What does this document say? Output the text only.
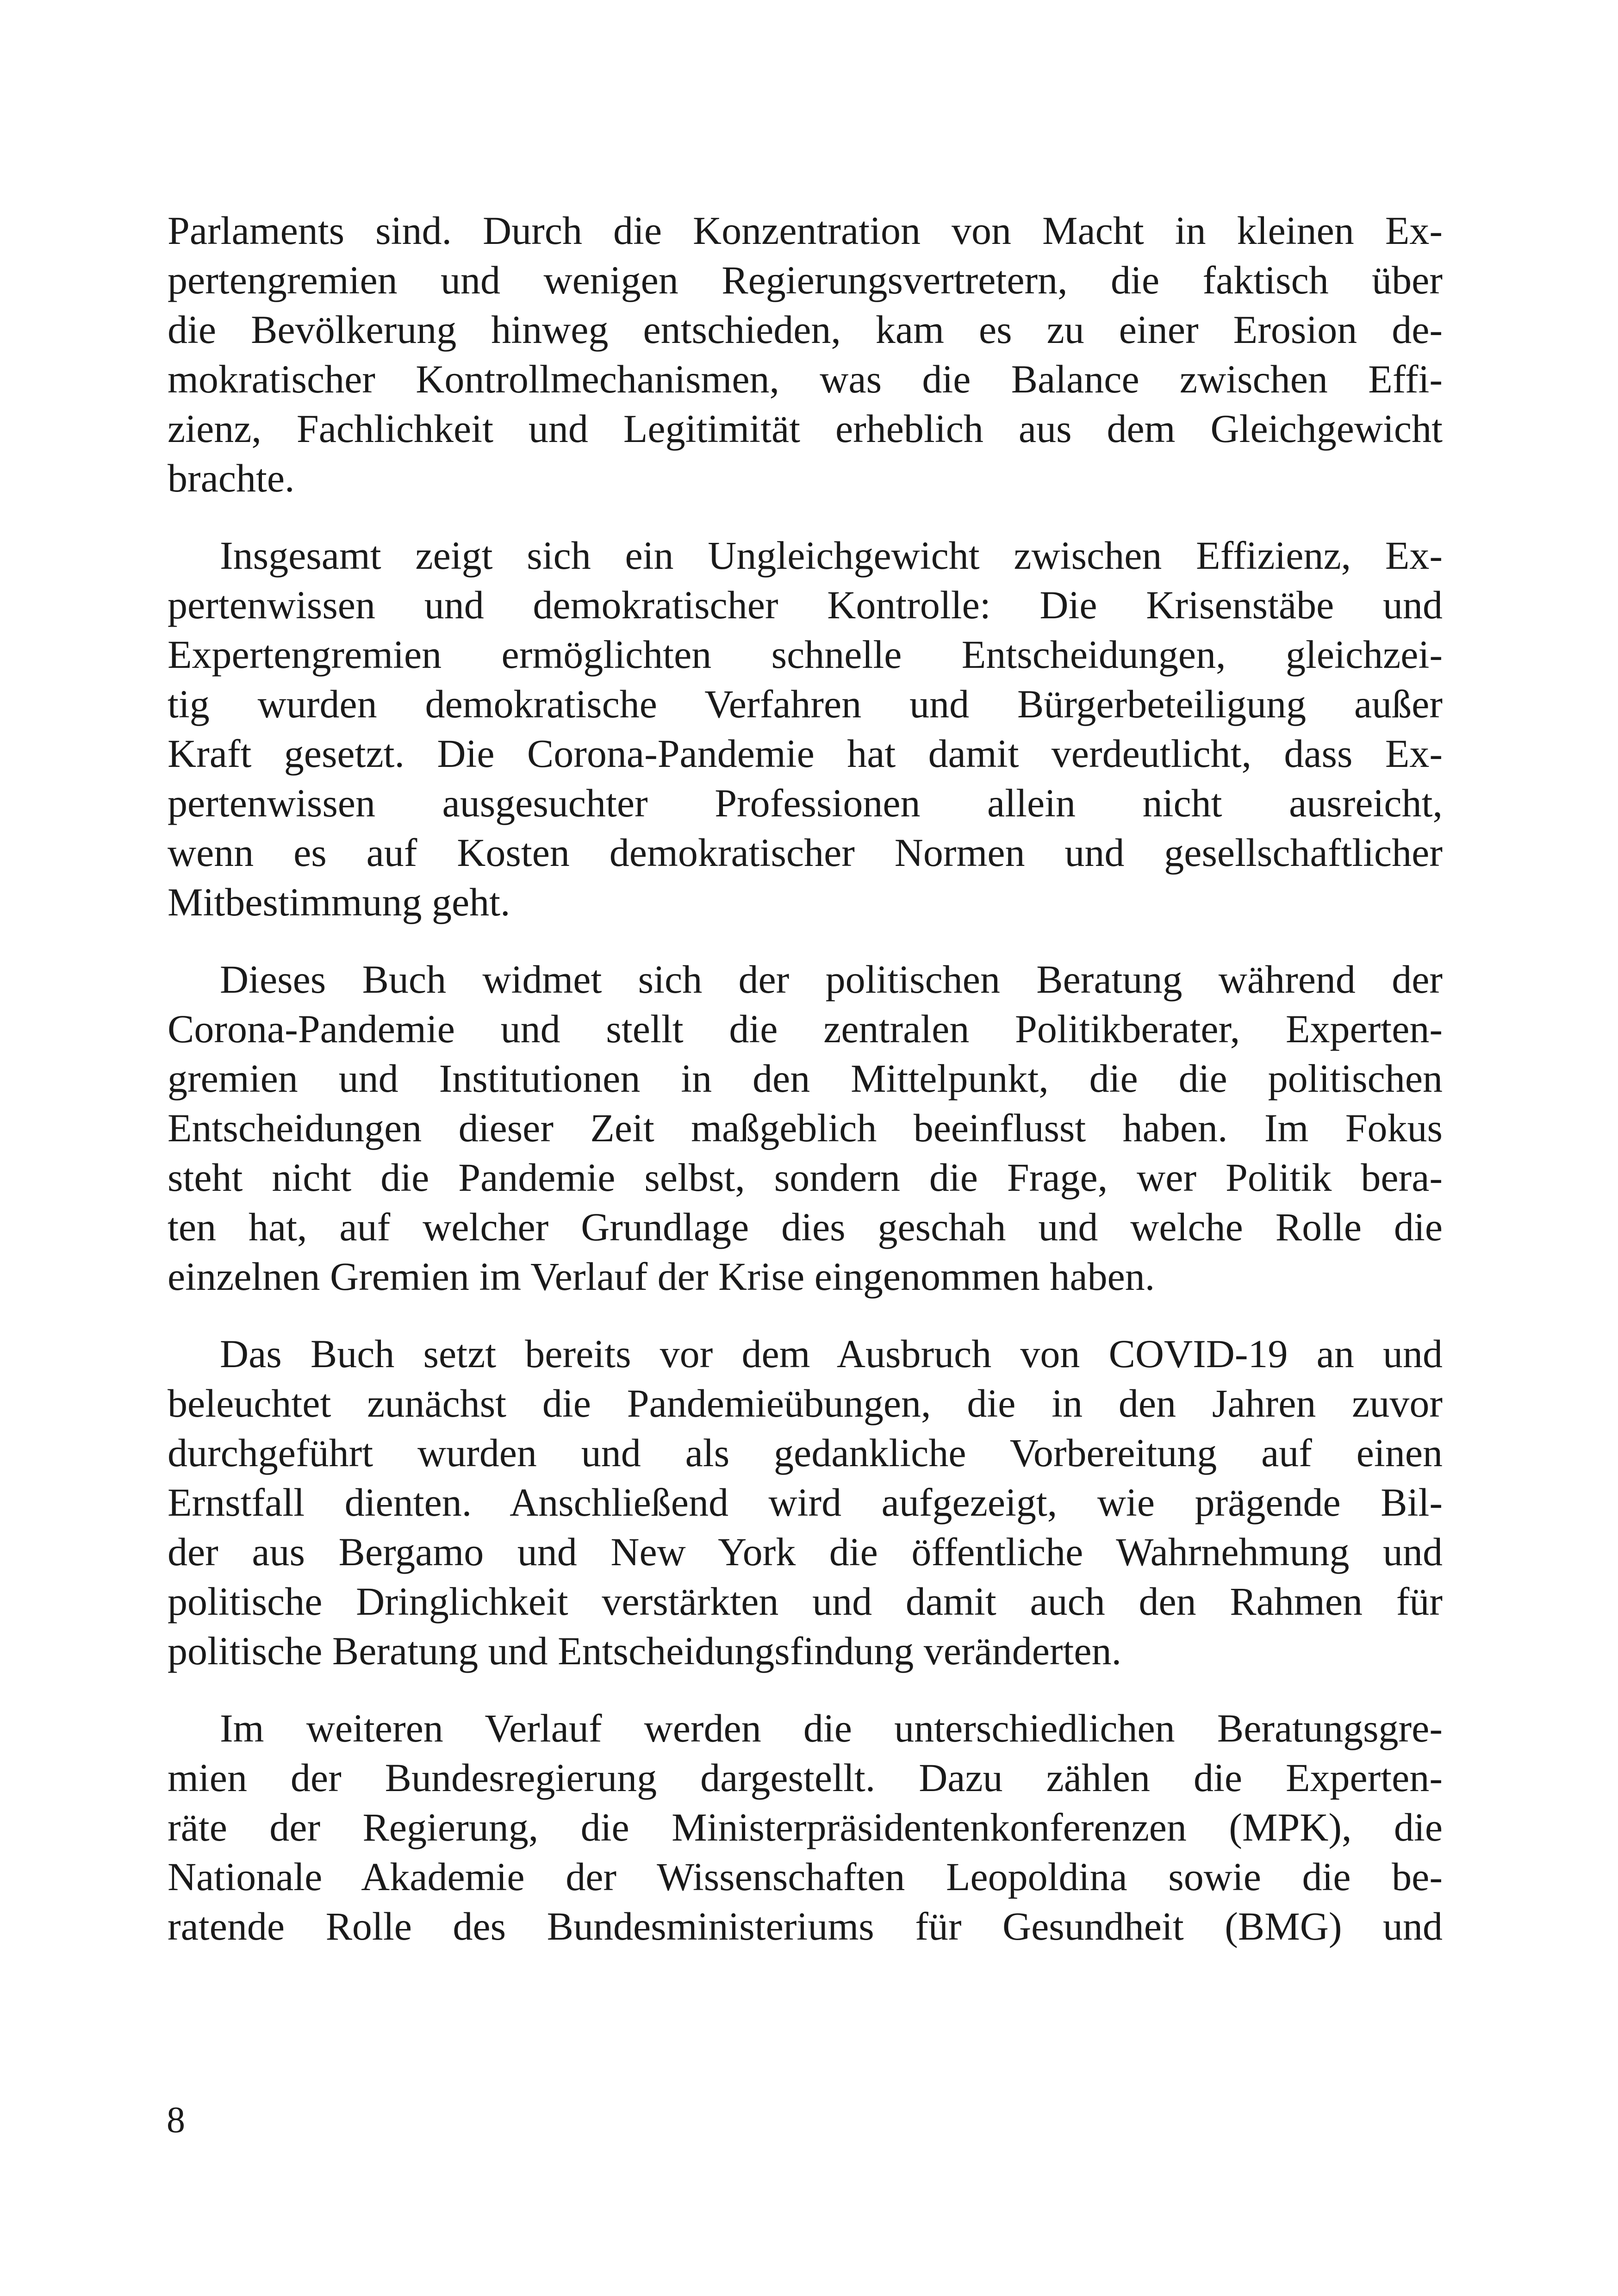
Parlaments sind. Durch die Konzentration von Macht in kleinen Ex-
pertengremien und wenigen Regierungsvertretern, die faktisch über
die Bevölkerung hinweg entschieden, kam es zu einer Erosion de-
mokratischer Kontrollmechanismen, was die Balance zwischen Effi-
zienz, Fachlichkeit und Legitimität erheblich aus dem Gleichgewicht
brachte.
Insgesamt zeigt sich ein Ungleichgewicht zwischen Effizienz, Ex-
pertenwissen und demokratischer Kontrolle: Die Krisenstäbe und
Expertengremien ermöglichten schnelle Entscheidungen, gleichzei-
tig wurden demokratische Verfahren und Bürgerbeteiligung außer
Kraft gesetzt. Die Corona-Pandemie hat damit verdeutlicht, dass Ex-
pertenwissen ausgesuchter Professionen allein nicht ausreicht,
wenn es auf Kosten demokratischer Normen und gesellschaftlicher
Mitbestimmung geht.
Dieses Buch widmet sich der politischen Beratung während der
Corona-Pandemie und stellt die zentralen Politikberater, Experten-
gremien und Institutionen in den Mittelpunkt, die die politischen
Entscheidungen dieser Zeit maßgeblich beeinflusst haben. Im Fokus
steht nicht die Pandemie selbst, sondern die Frage, wer Politik bera-
ten hat, auf welcher Grundlage dies geschah und welche Rolle die
einzelnen Gremien im Verlauf der Krise eingenommen haben.
Das Buch setzt bereits vor dem Ausbruch von COVID-19 an und
beleuchtet zunächst die Pandemieübungen, die in den Jahren zuvor
durchgeführt wurden und als gedankliche Vorbereitung auf einen
Ernstfall dienten. Anschließend wird aufgezeigt, wie prägende Bil-
der aus Bergamo und New York die öffentliche Wahrnehmung und
politische Dringlichkeit verstärkten und damit auch den Rahmen für
politische Beratung und Entscheidungsfindung veränderten.
Im weiteren Verlauf werden die unterschiedlichen Beratungsgre-
mien der Bundesregierung dargestellt. Dazu zählen die Experten-
räte der Regierung, die Ministerpräsidentenkonferenzen (MPK), die
Nationale Akademie der Wissenschaften Leopoldina sowie die be-
ratende Rolle des Bundesministeriums für Gesundheit (BMG) und
8
